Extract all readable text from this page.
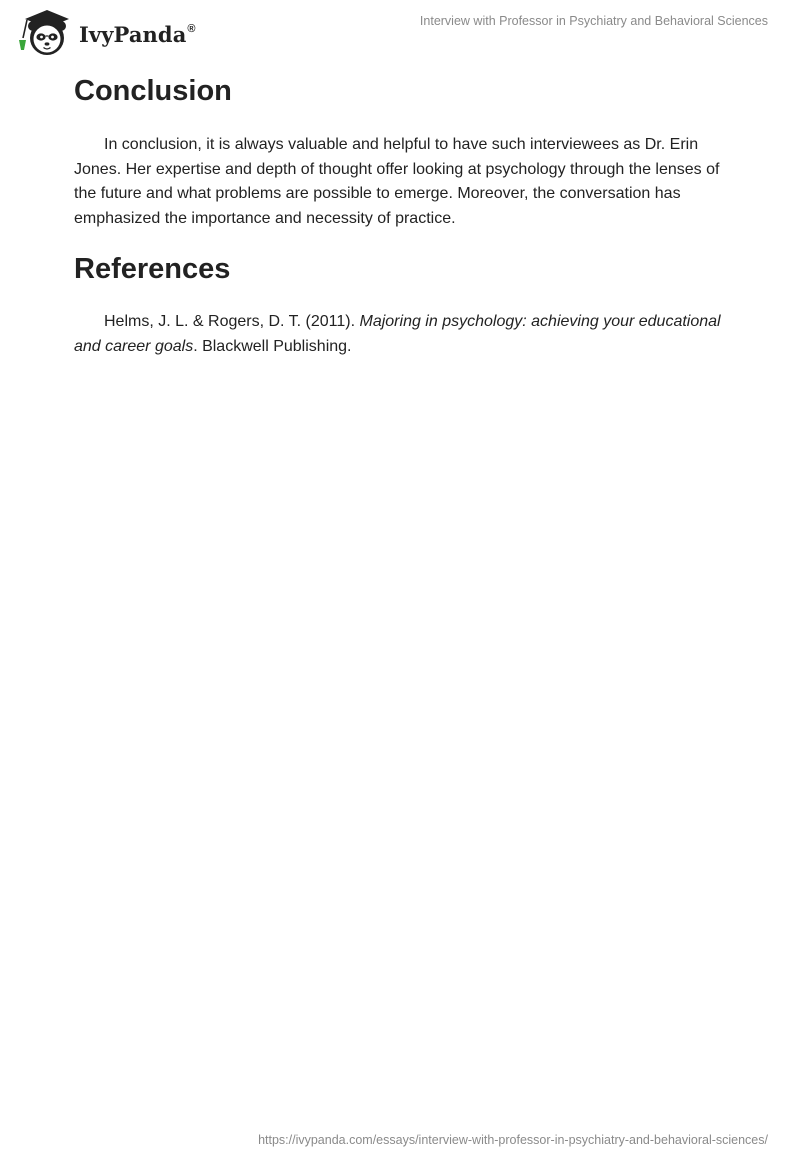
IvyPanda®
Interview with Professor in Psychiatry and Behavioral Sciences
Conclusion

In conclusion, it is always valuable and helpful to have such interviewees as Dr. Erin Jones. Her expertise and depth of thought offer looking at psychology through the lenses of the future and what problems are possible to emerge. Moreover, the conversation has emphasized the importance and necessity of practice.

References

Helms, J. L. & Rogers, D. T. (2011). Majoring in psychology: achieving your educational and career goals. Blackwell Publishing.

https://ivypanda.com/essays/interview-with-professor-in-psychiatry-and-behavioral-sciences/
